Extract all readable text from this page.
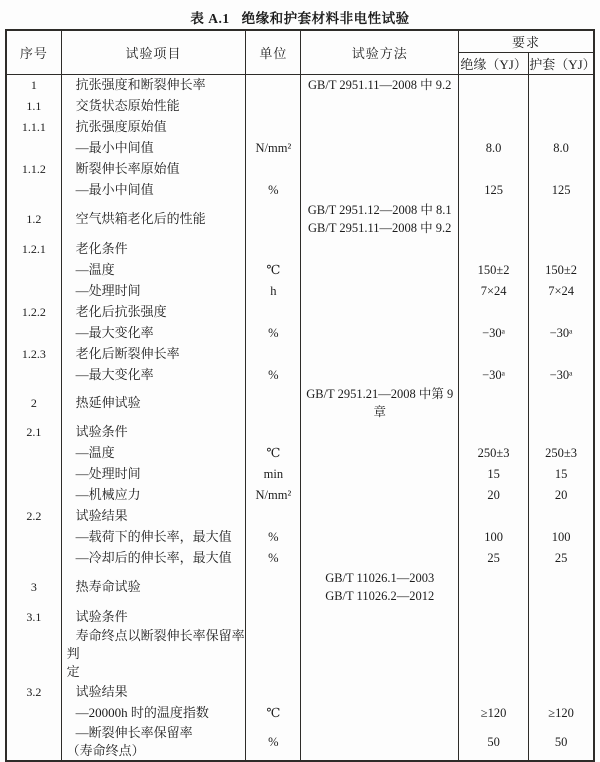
表 A.1 绝缘和护套材料非电性试验
序号	试验项目	单位	试验方法	要求	
				绝缘（YJ）	护套（YJ）
1	抗张强度和断裂伸长率		GB/T 2951.11—2008 中 9.2		
1.1	交货状态原始性能				
1.1.1	抗张强度原始值				
	—最小中间值	N/mm²		8.0	8.0
1.1.2	断裂伸长率原始值				
	—最小中间值	%		125	125
1.2	空气烘箱老化后的性能		GB/T 2951.12—2008 中 8.1
GB/T 2951.11—2008 中 9.2		
1.2.1	老化条件				
	—温度	℃		150±2	150±2
	—处理时间	h		7×24	7×24
1.2.2	老化后抗张强度				
	—最大变化率	%		−30ᵃ	−30ᵃ
1.2.3	老化后断裂伸长率				
	—最大变化率	%		−30ᵃ	−30ᵃ
2	热延伸试验		GB/T 2951.21—2008 中第 9 章		
2.1	试验条件				
	—温度	℃		250±3	250±3
	—处理时间	min		15	15
	—机械应力	N/mm²		20	20
2.2	试验结果				
	—载荷下的伸长率，最大值	%		100	100
	—冷却后的伸长率，最大值	%		25	25
3	热寿命试验		GB/T 11026.1—2003
GB/T 11026.2—2012		
3.1	试验条件				
	寿命终点以断裂伸长率保留率判
定				
3.2	试验结果				
	—20000h 时的温度指数	℃		≥120	≥120
	—断裂伸长率保留率
（寿命终点）	%		50	50
